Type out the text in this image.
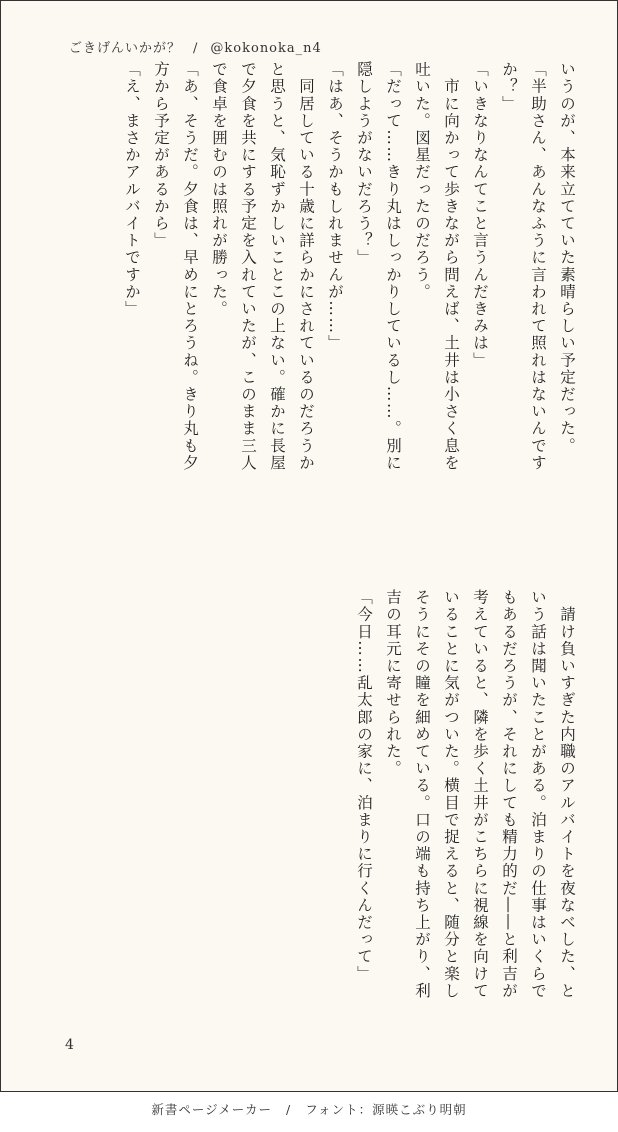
ごきげんいかが？ / @kokonoka_n4
いうのが、本来立てていた素晴らしい予定だった。
「半助さん、あんなふうに言われて照れはないんです
か？」
「いきなりなんてこと言うんだきみは」
　市に向かって歩きながら問えば、土井は小さく息を
吐いた。図星だったのだろう。
「だって……きり丸はしっかりしているし……。別に
隠しようがないだろう？」
「はあ、そうかもしれませんが……」
　同居している十歳に詳らかにされているのだろうか
と思うと、気恥ずかしいことこの上ない。確かに長屋
で夕食を共にする予定を入れていたが、このまま三人
で食卓を囲むのは照れが勝った。
「あ、そうだ。夕食は、早めにとろうね。きり丸も夕
方から予定があるから」
「え、まさかアルバイトですか」
　請け負いすぎた内職のアルバイトを夜なべした、と
いう話は聞いたことがある。泊まりの仕事はいくらで
もあるだろうが、それにしても精力的だ――と利吉が
考えていると、隣を歩く土井がこちらに視線を向けて
いることに気がついた。横目で捉えると、随分と楽し
そうにその瞳を細めている。口の端も持ち上がり、利
吉の耳元に寄せられた。
「今日……乱太郎の家に、泊まりに行くんだって」
4
新書ページメーカー / フォント：源暎こぶり明朝
